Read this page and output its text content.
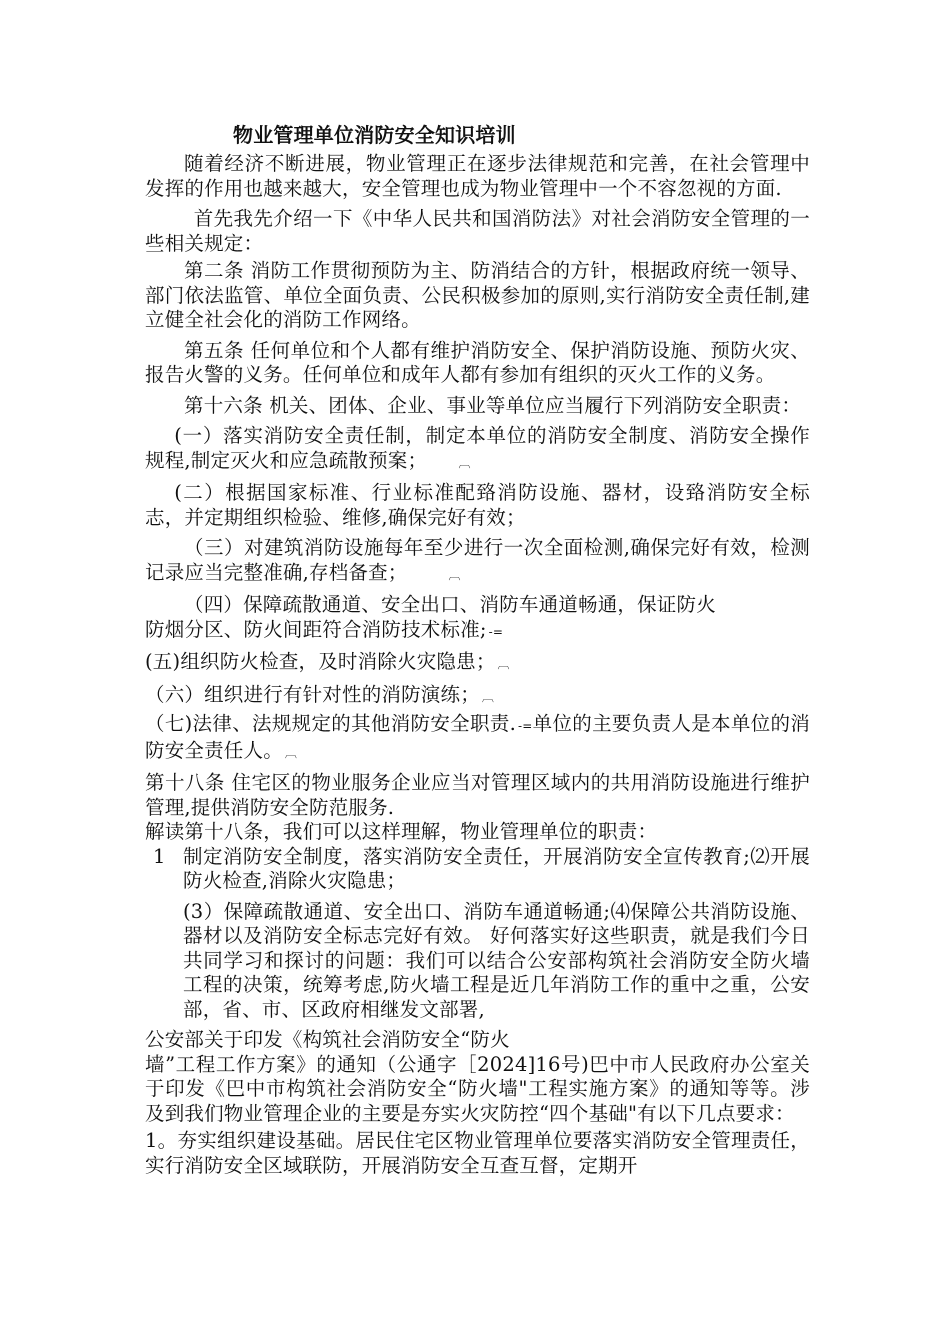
物业管理单位消防安全知识培训

随着经济不断进展，物业管理正在逐步法律规范和完善，在社会管理中发挥的作用也越来越大，安全管理也成为物业管理中一个不容忽视的方面.

首先我先介绍一下《中华人民共和国消防法》对社会消防安全管理的一些相关规定：

第二条 消防工作贯彻预防为主、防消结合的方针，根据政府统一领导、部门依法监管、单位全面负责、公民积极参加的原则,实行消防安全责任制,建立健全社会化的消防工作网络。

第五条 任何单位和个人都有维护消防安全、保护消防设施、预防火灾、报告火警的义务。任何单位和成年人都有参加有组织的灭火工作的义务。

第十六条 机关、团体、企业、事业等单位应当履行下列消防安全职责：

(一）落实消防安全责任制，制定本单位的消防安全制度、消防安全操作规程,制定灭火和应急疏散预案；	︹

(二）根据国家标准、行业标准配臵消防设施、器材，设臵消防安全标志，并定期组织检验、维修,确保完好有效；

（三）对建筑消防设施每年至少进行一次全面检测,确保完好有效，检测记录应当完整准确,存档备查；	︹

（四）保障疏散通道、安全出口、消防车通道畅通，保证防火

防烟分区、防火间距符合消防技术标准; -=

(五)组织防火检查，及时消除火灾隐患； ︹

（六）组织进行有针对性的消防演练； ︹

（七)法律、法规规定的其他消防安全职责. -=单位的主要负责人是本单位的消防安全责任人。 ︹

第十八条 住宅区的物业服务企业应当对管理区域内的共用消防设施进行维护管理,提供消防安全防范服务.

解读第十八条，我们可以这样理解，物业管理单位的职责：

1 制定消防安全制度，落实消防安全责任，开展消防安全宣传教育;⑵开展防火检查,消除火灾隐患；

(3）保障疏散通道、安全出口、消防车通道畅通;⑷保障公共消防设施、器材以及消防安全标志完好有效。 好何落实好这些职责，就是我们今日共同学习和探讨的问题：我们可以结合公安部构筑社会消防安全防火墙工程的决策，统筹考虑,防火墙工程是近几年消防工作的重中之重，公安部，省、市、区政府相继发文部署,

公安部关于印发《构筑社会消防安全“防火

墙”工程工作方案》的通知（公通字［2024]16号)巴中市人民政府办公室关于印发《巴中市构筑社会消防安全“防火墙"工程实施方案》的通知等等。涉及到我们物业管理企业的主要是夯实火灾防控“四个基础"有以下几点要求：

1。夯实组织建设基础。居民住宅区物业管理单位要落实消防安全管理责任，实行消防安全区域联防，开展消防安全互查互督，定期开
